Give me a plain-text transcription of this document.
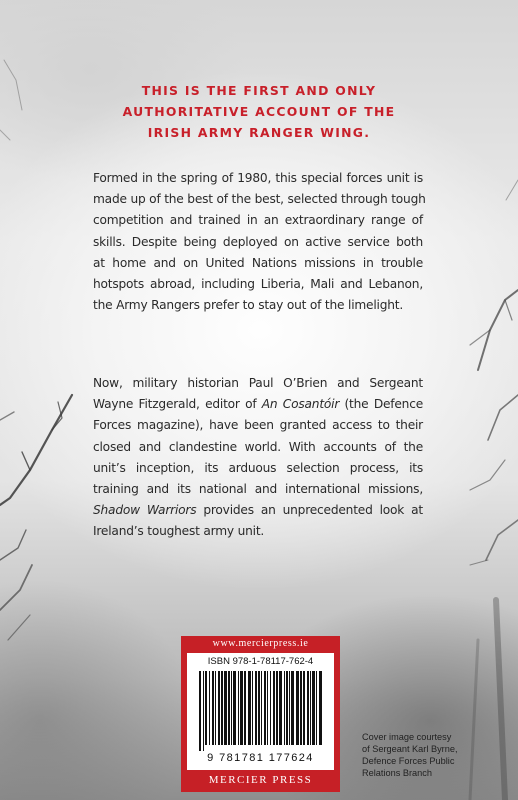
THIS IS THE FIRST AND ONLY
AUTHORITATIVE ACCOUNT OF THE
IRISH ARMY RANGER WING.
Formed in the spring of 1980, this special forces unit is
made up of the best of the best, selected through tough
competition and trained in an extraordinary range of
skills. Despite being deployed on active service both
at home and on United Nations missions in trouble
hotspots abroad, including Liberia, Mali and Lebanon,
the Army Rangers prefer to stay out of the limelight.
Now, military historian Paul O’Brien and Sergeant
Wayne Fitzgerald, editor of An Cosantóir (the Defence
Forces magazine), have been granted access to their
closed and clandestine world. With accounts of the
unit’s inception, its arduous selection process, its
training and its national and international missions,
Shadow Warriors provides an unprecedented look at
Ireland’s toughest army unit.
www.mercierpress.ie
ISBN 978-1-78117-762-4
9 781781 177624
MERCIER PRESS
Cover image courtesy
of Sergeant Karl Byrne,
Defence Forces Public
Relations Branch
